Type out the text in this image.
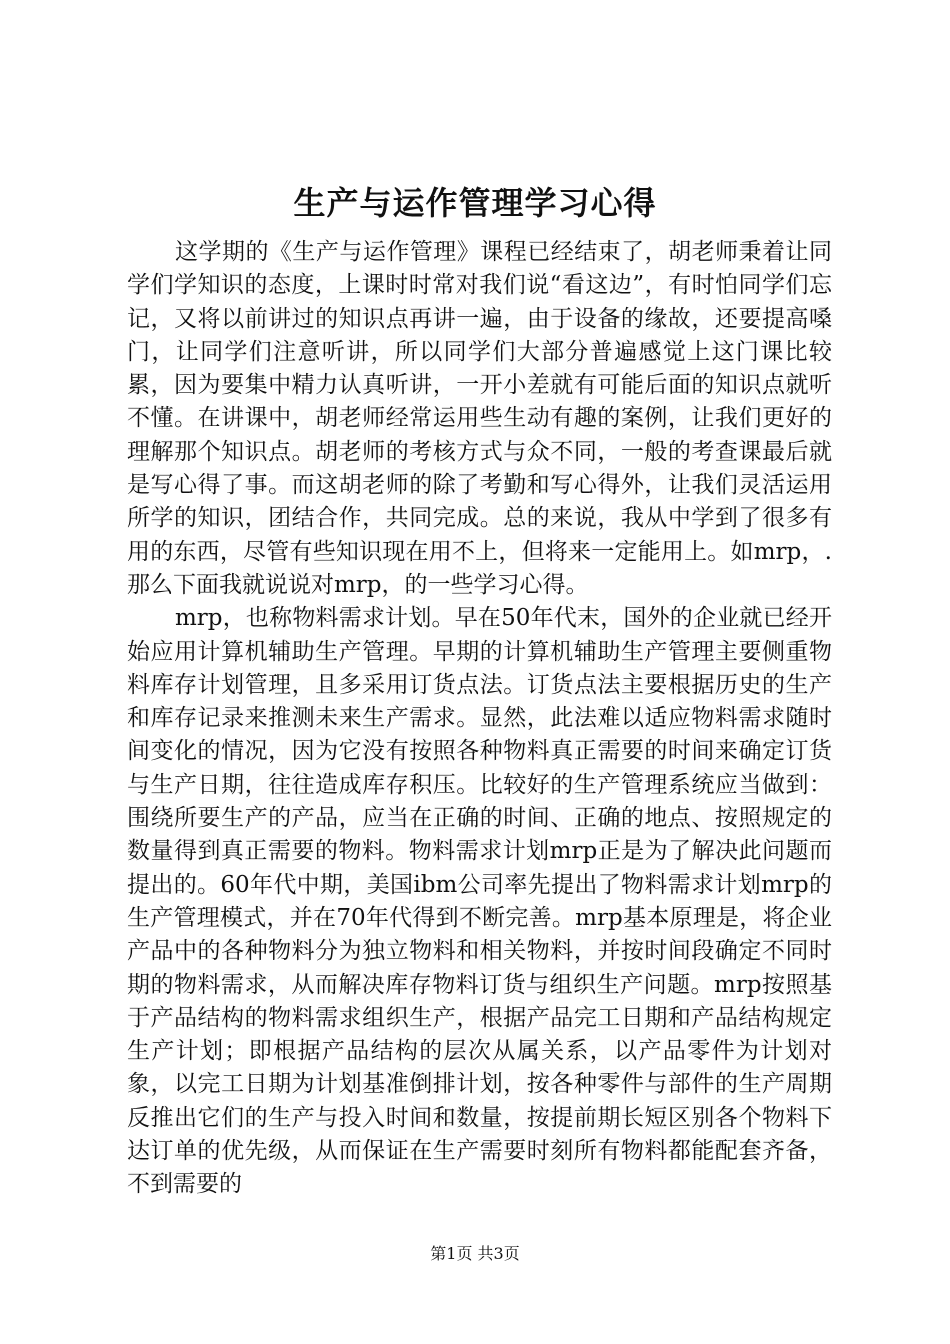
生产与运作管理学习心得

这学期的《生产与运作管理》课程已经结束了，胡老师秉着让同学们学知识的态度，上课时时常对我们说“看这边”，有时怕同学们忘记，又将以前讲过的知识点再讲一遍，由于设备的缘故，还要提高嗓门，让同学们注意听讲，所以同学们大部分普遍感觉上这门课比较累，因为要集中精力认真听讲，一开小差就有可能后面的知识点就听不懂。在讲课中，胡老师经常运用些生动有趣的案例，让我们更好的理解那个知识点。胡老师的考核方式与众不同，一般的考查课最后就是写心得了事。而这胡老师的除了考勤和写心得外，让我们灵活运用所学的知识，团结合作，共同完成。总的来说，我从中学到了很多有用的东西，尽管有些知识现在用不上，但将来一定能用上。如mrp，.那么下面我就说说对mrp，的一些学习心得。

mrp，也称物料需求计划。早在50年代末，国外的企业就已经开始应用计算机辅助生产管理。早期的计算机辅助生产管理主要侧重物料库存计划管理，且多采用订货点法。订货点法主要根据历史的生产和库存记录来推测未来生产需求。显然，此法难以适应物料需求随时间变化的情况，因为它没有按照各种物料真正需要的时间来确定订货与生产日期，往往造成库存积压。比较好的生产管理系统应当做到：围绕所要生产的产品，应当在正确的时间、正确的地点、按照规定的数量得到真正需要的物料。物料需求计划mrp正是为了解决此问题而提出的。60年代中期，美国ibm公司率先提出了物料需求计划mrp的生产管理模式，并在70年代得到不断完善。mrp基本原理是，将企业产品中的各种物料分为独立物料和相关物料，并按时间段确定不同时期的物料需求，从而解决库存物料订货与组织生产问题。mrp按照基于产品结构的物料需求组织生产，根据产品完工日期和产品结构规定生产计划；即根据产品结构的层次从属关系，以产品零件为计划对象，以完工日期为计划基准倒排计划，按各种零件与部件的生产周期反推出它们的生产与投入时间和数量，按提前期长短区别各个物料下达订单的优先级，从而保证在生产需要时刻所有物料都能配套齐备，不到需要的

第1页 共3页
